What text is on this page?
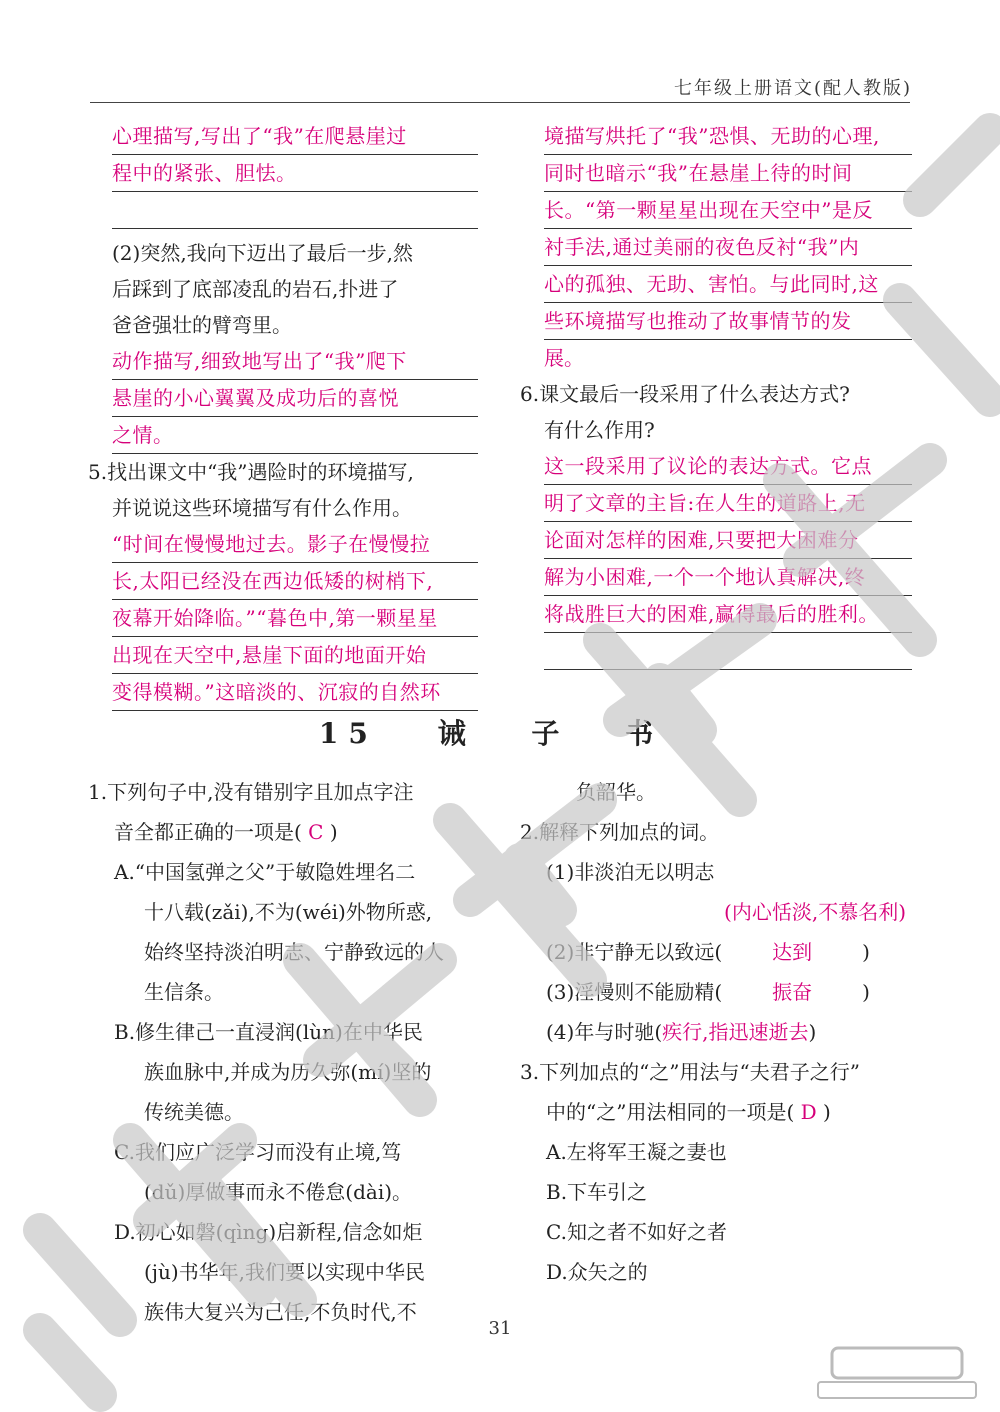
七年级上册语文(配人教版)
心理描写,写出了“我”在爬悬崖过
程中的紧张、胆怯。
(2)突然,我向下迈出了最后一步,然
后踩到了底部凌乱的岩石,扑进了
爸爸强壮的臂弯里。
动作描写,细致地写出了“我”爬下
悬崖的小心翼翼及成功后的喜悦
之情。
5.找出课文中“我”遇险时的环境描写,
并说说这些环境描写有什么作用。
“时间在慢慢地过去。影子在慢慢拉
长,太阳已经没在西边低矮的树梢下,
夜幕开始降临。”“暮色中,第一颗星星
出现在天空中,悬崖下面的地面开始
变得模糊。”这暗淡的、沉寂的自然环
境描写烘托了“我”恐惧、无助的心理,
同时也暗示“我”在悬崖上待的时间
长。“第一颗星星出现在天空中”是反
衬手法,通过美丽的夜色反衬“我”内
心的孤独、无助、害怕。与此同时,这
些环境描写也推动了故事情节的发
展。
6.课文最后一段采用了什么表达方式?
有什么作用?
这一段采用了议论的表达方式。它点
明了文章的主旨:在人生的道路上,无
论面对怎样的困难,只要把大困难分
解为小困难,一个一个地认真解决,终
将战胜巨大的困难,赢得最后的胜利。
15 诫 子 书
1.下列句子中,没有错别字且加点字注
音全都正确的一项是( C )
A.“中国氢弹之父”于敏隐姓埋名二
十八载(zǎi),不为(wéi)外物所惑,
始终坚持淡泊明志、宁静致远的人
生信条。
B.修生律己一直浸润(lùn)在中华民
族血脉中,并成为历久弥(mí)坚的
传统美德。
C.我们应广泛学习而没有止境,笃
(dǔ)厚做事而永不倦怠(dài)。
D.初心如磐(qìng)启新程,信念如炬
(jù)书华年,我们要以实现中华民
族伟大复兴为己任,不负时代,不
负韶华。
2.解释下列加点的词。
(1)非淡泊无以明志
(内心恬淡,不慕名利)
(2)非宁静无以致远(	达到	)
(3)淫慢则不能励精(	振奋	)
(4)年与时驰(疾行,指迅速逝去)
3.下列加点的“之”用法与“夫君子之行”
中的“之”用法相同的一项是( D )
A.左将军王凝之妻也
B.下车引之
C.知之者不如好之者
D.众矢之的
31
